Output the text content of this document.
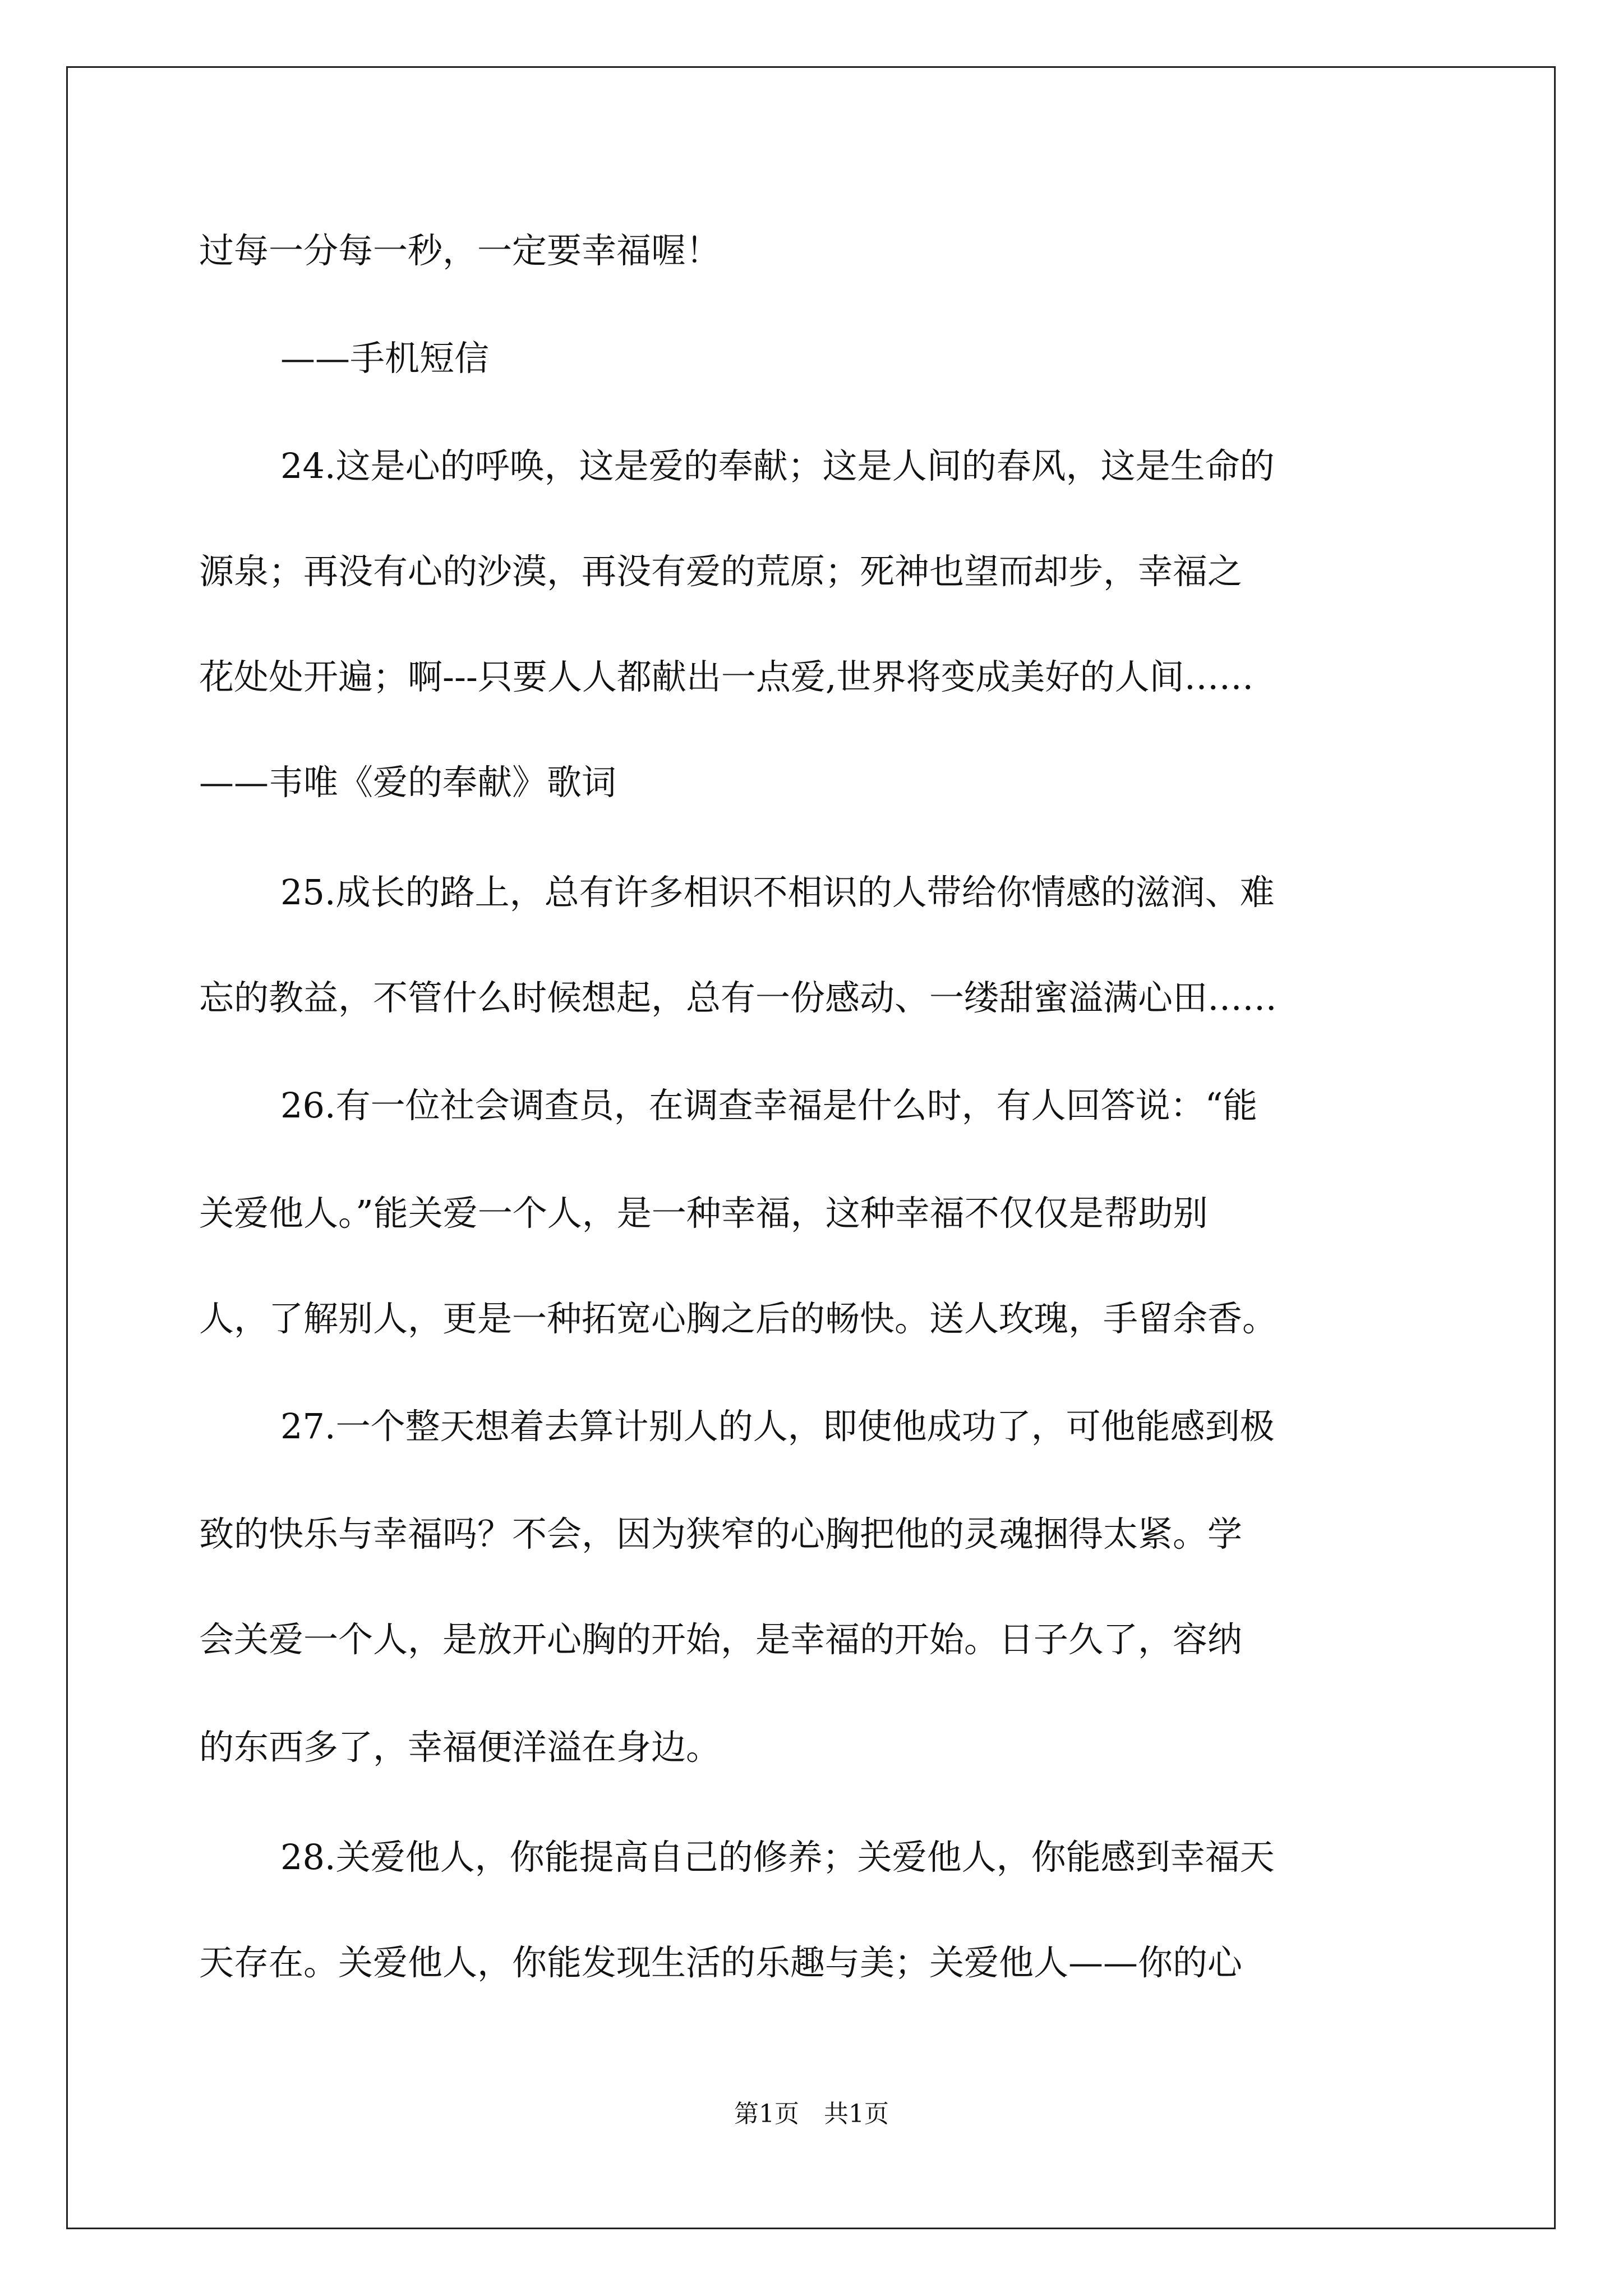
过每一分每一秒，一定要幸福喔！
——手机短信
24.这是心的呼唤，这是爱的奉献；这是人间的春风，这是生命的
源泉；再没有心的沙漠，再没有爱的荒原；死神也望而却步，幸福之
花处处开遍；啊---只要人人都献出一点爱,世界将变成美好的人间……
——韦唯《爱的奉献》歌词
25.成长的路上，总有许多相识不相识的人带给你情感的滋润、难
忘的教益，不管什么时候想起，总有一份感动、一缕甜蜜溢满心田……
26.有一位社会调查员，在调查幸福是什么时，有人回答说：“能
关爱他人。”能关爱一个人，是一种幸福，这种幸福不仅仅是帮助别
人，了解别人，更是一种拓宽心胸之后的畅快。送人玫瑰，手留余香。
27.一个整天想着去算计别人的人，即使他成功了，可他能感到极
致的快乐与幸福吗？不会，因为狭窄的心胸把他的灵魂捆得太紧。学
会关爱一个人，是放开心胸的开始，是幸福的开始。日子久了，容纳
的东西多了，幸福便洋溢在身边。
28.关爱他人，你能提高自己的修养；关爱他人，你能感到幸福天
天存在。关爱他人，你能发现生活的乐趣与美；关爱他人——你的心
第1页 共1页
